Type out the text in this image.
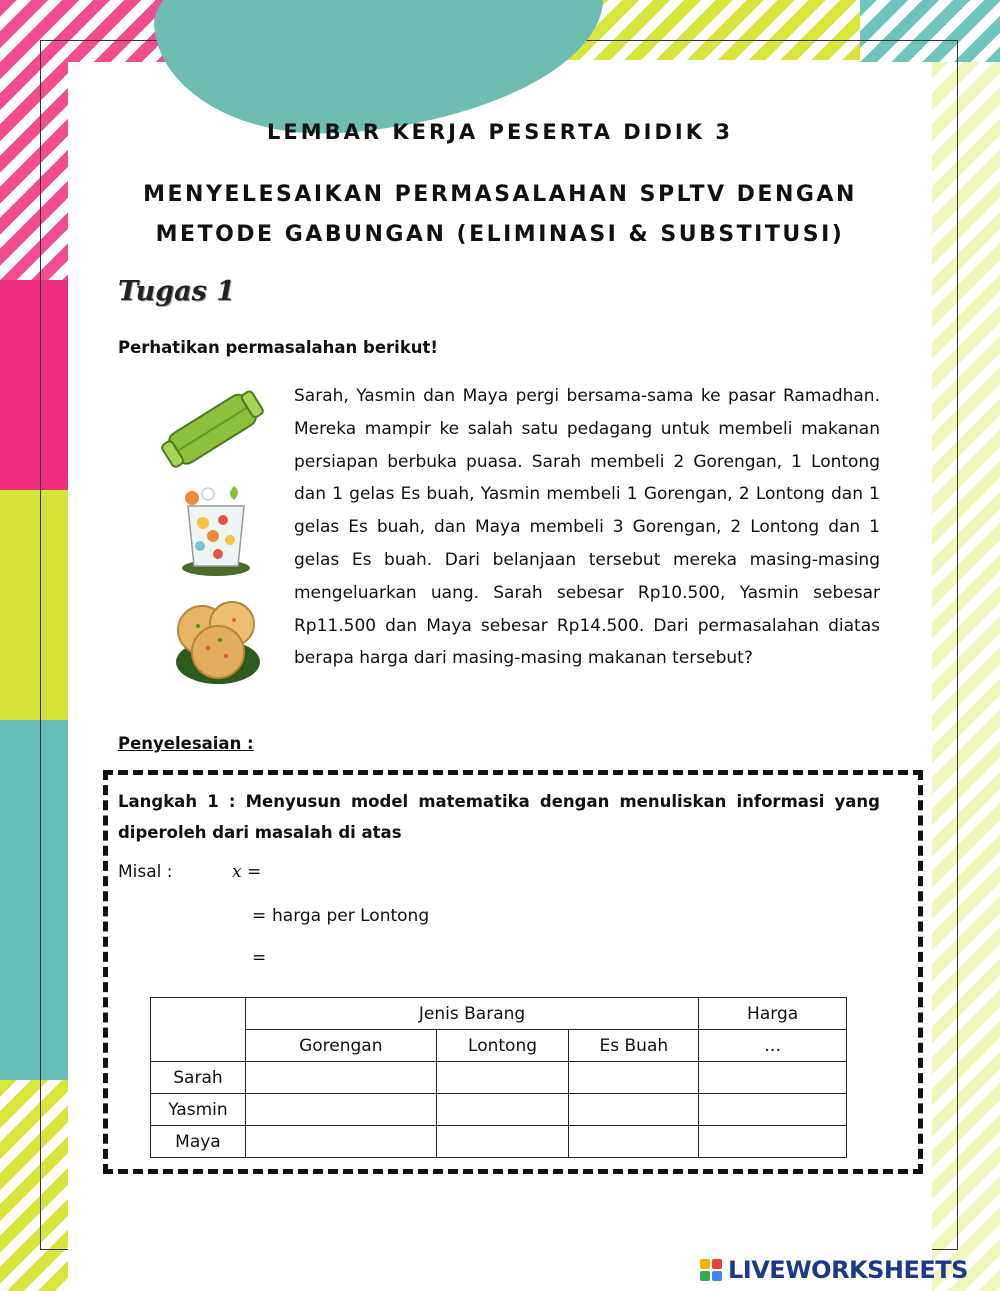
LEMBAR KERJA PESERTA DIDIK 3
MENYELESAIKAN PERMASALAHAN SPLTV DENGAN
METODE GABUNGAN (ELIMINASI & SUBSTITUSI)
Tugas 1
Perhatikan permasalahan berikut!
Sarah, Yasmin dan Maya pergi bersama-sama ke pasar Ramadhan. Mereka mampir ke salah satu pedagang untuk membeli makanan persiapan berbuka puasa. Sarah membeli 2 Gorengan, 1 Lontong dan 1 gelas Es buah, Yasmin membeli 1 Gorengan, 2 Lontong dan 1 gelas Es buah, dan Maya membeli 3 Gorengan, 2 Lontong dan 1 gelas Es buah. Dari belanjaan tersebut mereka masing-masing mengeluarkan uang. Sarah sebesar Rp10.500, Yasmin sebesar Rp11.500 dan Maya sebesar Rp14.500. Dari permasalahan diatas berapa harga dari masing-masing makanan tersebut?
Penyelesaian :
Langkah 1 : Menyusun model matematika dengan menuliskan informasi yang diperoleh dari masalah di atas
Misal :	x =
= harga per Lontong
=
	Jenis Barang			Harga
	Gorengan	Lontong	Es Buah	…
Sarah				
Yasmin				
Maya				
LIVEWORKSHEETS
